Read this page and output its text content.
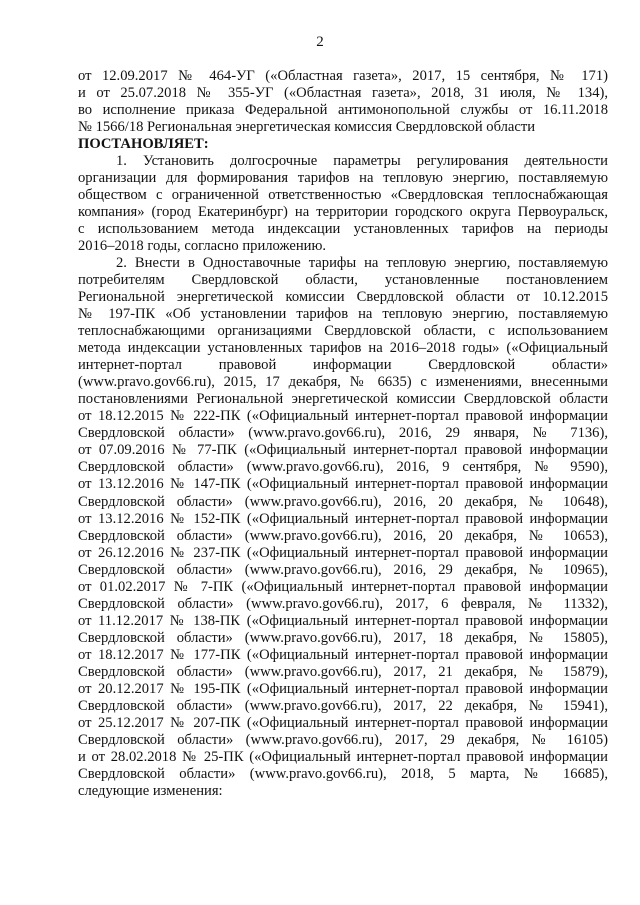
2
от 12.09.2017 № 464-УГ («Областная газета», 2017, 15 сентября, № 171)
и от 25.07.2018 № 355-УГ («Областная газета», 2018, 31 июля, № 134),
во исполнение приказа Федеральной антимонопольной службы от 16.11.2018
№ 1566/18 Региональная энергетическая комиссия Свердловской области
ПОСТАНОВЛЯЕТ:
1. Установить долгосрочные параметры регулирования деятельности
организации для формирования тарифов на тепловую энергию, поставляемую
обществом с ограниченной ответственностью «Свердловская теплоснабжающая
компания» (город Екатеринбург) на территории городского округа Первоуральск,
с использованием метода индексации установленных тарифов на периоды
2016–2018 годы, согласно приложению.
2. Внести в Одноставочные тарифы на тепловую энергию, поставляемую
потребителям Свердловской области, установленные постановлением
Региональной энергетической комиссии Свердловской области от 10.12.2015
№ 197-ПК «Об установлении тарифов на тепловую энергию, поставляемую
теплоснабжающими организациями Свердловской области, с использованием
метода индексации установленных тарифов на 2016–2018 годы» («Официальный
интернет-портал правовой информации Свердловской области»
(www.pravo.gov66.ru), 2015, 17 декабря, № 6635) с изменениями, внесенными
постановлениями Региональной энергетической комиссии Свердловской области
от 18.12.2015 № 222-ПК («Официальный интернет-портал правовой информации
Свердловской области» (www.pravo.gov66.ru), 2016, 29 января, № 7136),
от 07.09.2016 № 77-ПК («Официальный интернет-портал правовой информации
Свердловской области» (www.pravo.gov66.ru), 2016, 9 сентября, № 9590),
от 13.12.2016 № 147-ПК («Официальный интернет-портал правовой информации
Свердловской области» (www.pravo.gov66.ru), 2016, 20 декабря, № 10648),
от 13.12.2016 № 152-ПК («Официальный интернет-портал правовой информации
Свердловской области» (www.pravo.gov66.ru), 2016, 20 декабря, № 10653),
от 26.12.2016 № 237-ПК («Официальный интернет-портал правовой информации
Свердловской области» (www.pravo.gov66.ru), 2016, 29 декабря, № 10965),
от 01.02.2017 № 7-ПК («Официальный интернет-портал правовой информации
Свердловской области» (www.pravo.gov66.ru), 2017, 6 февраля, № 11332),
от 11.12.2017 № 138-ПК («Официальный интернет-портал правовой информации
Свердловской области» (www.pravo.gov66.ru), 2017, 18 декабря, № 15805),
от 18.12.2017 № 177-ПК («Официальный интернет-портал правовой информации
Свердловской области» (www.pravo.gov66.ru), 2017, 21 декабря, № 15879),
от 20.12.2017 № 195-ПК («Официальный интернет-портал правовой информации
Свердловской области» (www.pravo.gov66.ru), 2017, 22 декабря, № 15941),
от 25.12.2017 № 207-ПК («Официальный интернет-портал правовой информации
Свердловской области» (www.pravo.gov66.ru), 2017, 29 декабря, № 16105)
и от 28.02.2018 № 25-ПК («Официальный интернет-портал правовой информации
Свердловской области» (www.pravo.gov66.ru), 2018, 5 марта, № 16685),
следующие изменения:
